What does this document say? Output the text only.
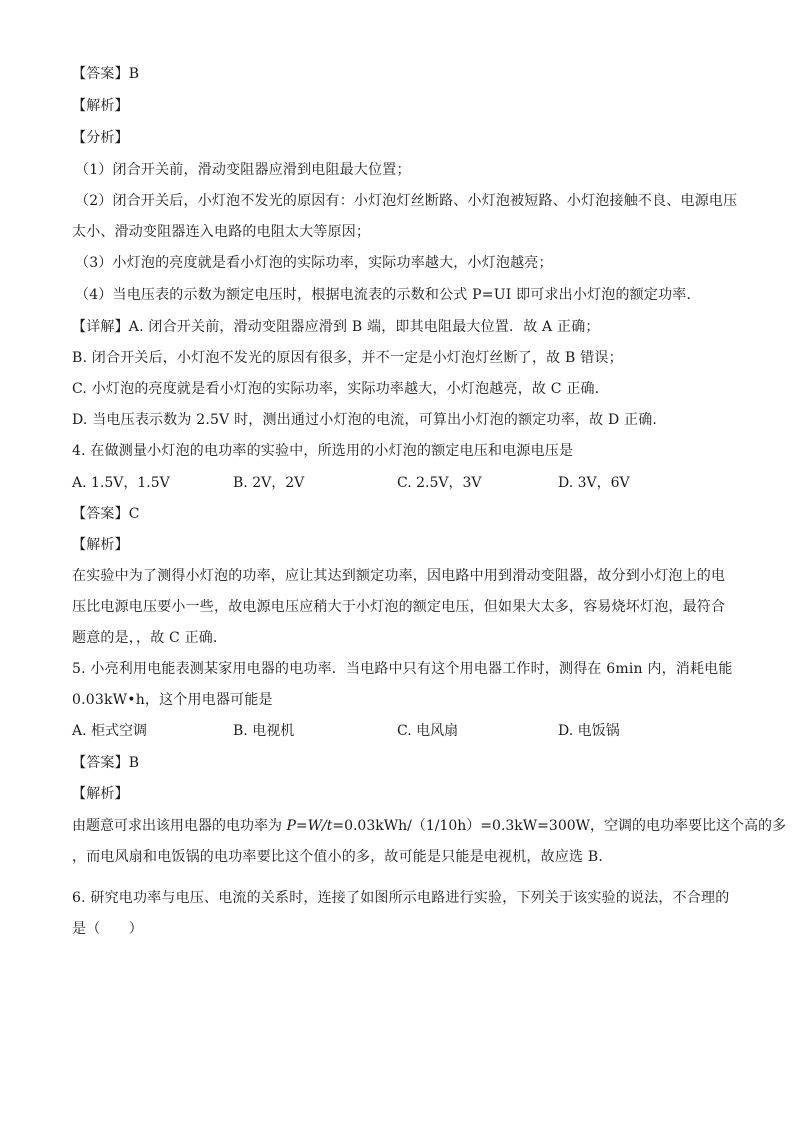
【答案】B
【解析】
【分析】
（1）闭合开关前，滑动变阻器应滑到电阻最大位置；
（2）闭合开关后，小灯泡不发光的原因有：小灯泡灯丝断路、小灯泡被短路、小灯泡接触不良、电源电压
太小、滑动变阻器连入电路的电阻太大等原因；
（3）小灯泡的亮度就是看小灯泡的实际功率，实际功率越大，小灯泡越亮；
（4）当电压表的示数为额定电压时，根据电流表的示数和公式 P=UI 即可求出小灯泡的额定功率．
【详解】A. 闭合开关前，滑动变阻器应滑到 B 端，即其电阻最大位置．故 A 正确；
B. 闭合开关后，小灯泡不发光的原因有很多，并不一定是小灯泡灯丝断了，故 B 错误；
C. 小灯泡的亮度就是看小灯泡的实际功率，实际功率越大，小灯泡越亮，故 C 正确．
D. 当电压表示数为 2.5V 时，测出通过小灯泡的电流，可算出小灯泡的额定功率，故 D 正确.
4. 在做测量小灯泡的电功率的实验中，所选用的小灯泡的额定电压和电源电压是
A. 1.5V，1.5V	B. 2V，2V	C. 2.5V，3V	D. 3V，6V
【答案】C
【解析】
在实验中为了测得小灯泡的功率，应让其达到额定功率，因电路中用到滑动变阻器，故分到小灯泡上的电
压比电源电压要小一些，故电源电压应稍大于小灯泡的额定电压，但如果大太多，容易烧坏灯泡，最符合
题意的是，，故 C 正确．
5. 小亮利用电能表测某家用电器的电功率．当电路中只有这个用电器工作时，测得在 6min 内，消耗电能
0.03kW•h，这个用电器可能是
A. 柜式空调	B. 电视机	C. 电风扇	D. 电饭锅
【答案】B
【解析】
由题意可求出该用电器的电功率为 P=W/t=0.03kWh/（1/10h）=0.3kW=300W，空调的电功率要比这个高的多
，而电风扇和电饭锅的电功率要比这个值小的多，故可能是只能是电视机，故应选 B．
6. 研究电功率与电压、电流的关系时，连接了如图所示电路进行实验，下列关于该实验的说法，不合理的
是（　　）
